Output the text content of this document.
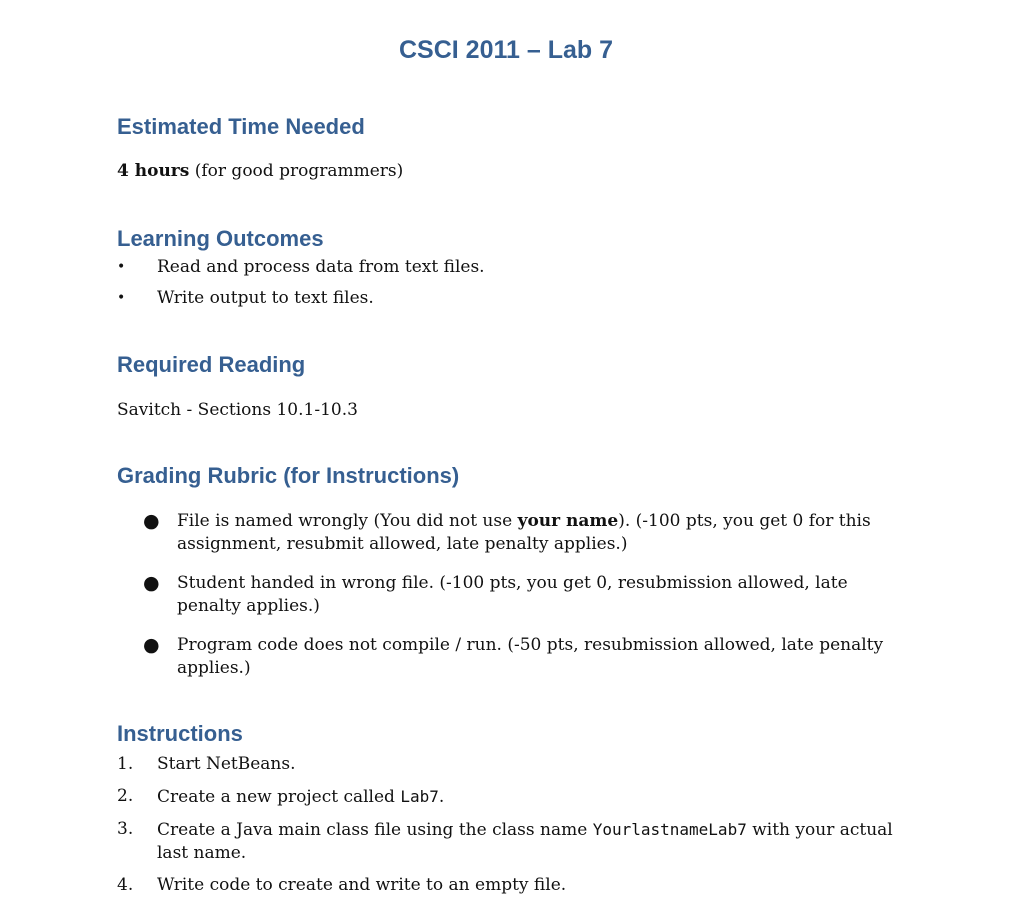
CSCI 2011 – Lab 7
Estimated Time Needed
4 hours (for good programmers)
Learning Outcomes
• Read and process data from text files.
• Write output to text files.
Required Reading
Savitch - Sections 10.1-10.3
Grading Rubric (for Instructions)
● File is named wrongly (You did not use your name). (-100 pts, you get 0 for this assignment, resubmit allowed, late penalty applies.)
● Student handed in wrong file. (-100 pts, you get 0, resubmission allowed, late penalty applies.)
● Program code does not compile / run. (-50 pts, resubmission allowed, late penalty applies.)
Instructions
1. Start NetBeans.
2. Create a new project called Lab7.
3. Create a Java main class file using the class name YourlastnameLab7 with your actual last name.
4. Write code to create and write to an empty file.
